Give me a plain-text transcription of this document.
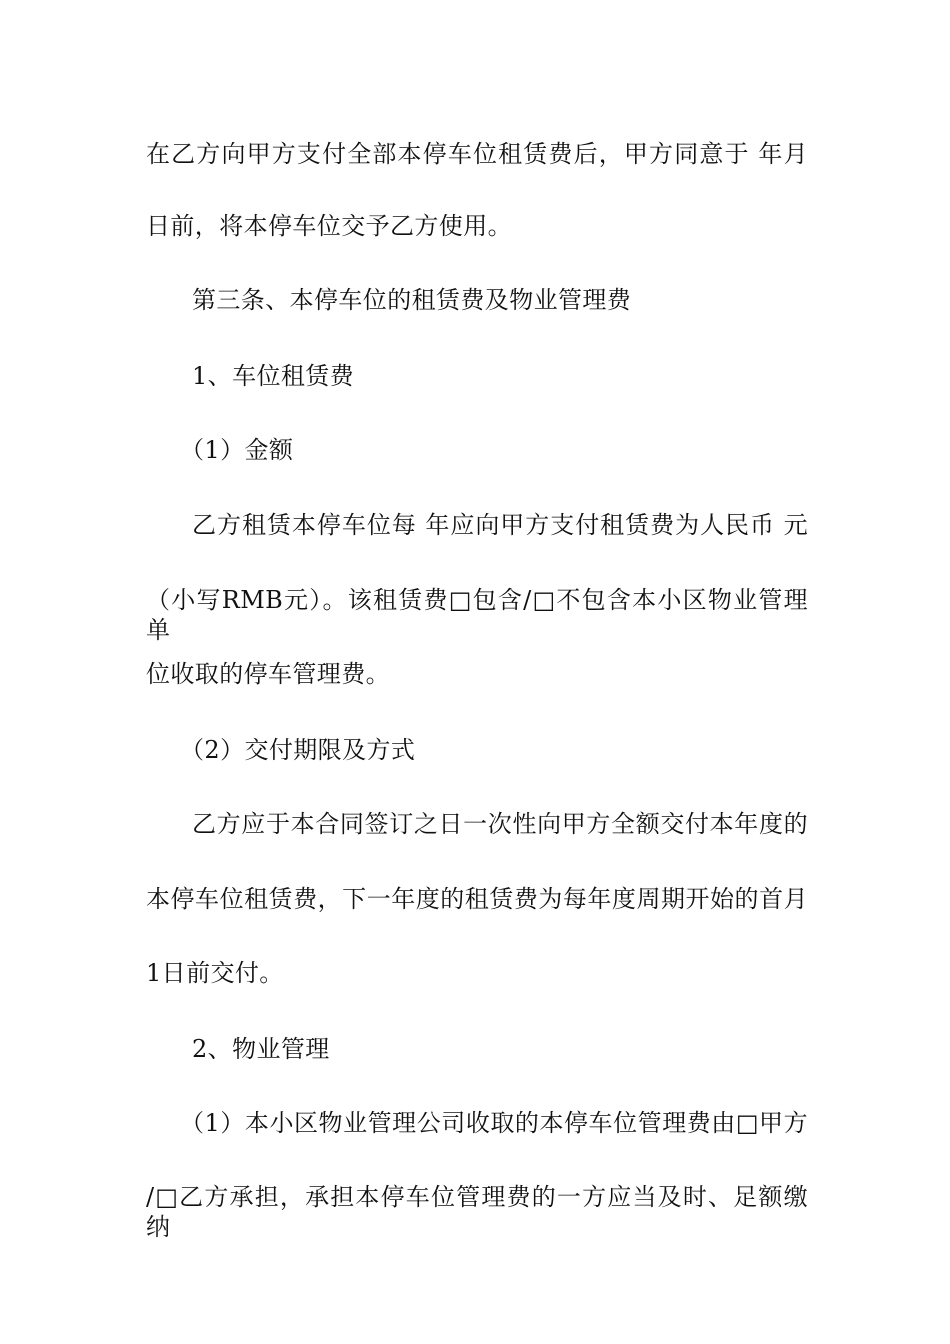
在乙方向甲方支付全部本停车位租赁费后，甲方同意于 年月
日前，将本停车位交予乙方使用。
第三条、本停车位的租赁费及物业管理费
1、车位租赁费
（1）金额
乙方租赁本停车位每 年应向甲方支付租赁费为人民币 元
（小写RMB元）。该租赁费□包含/□不包含本小区物业管理单
位收取的停车管理费。
（2）交付期限及方式
乙方应于本合同签订之日一次性向甲方全额交付本年度的
本停车位租赁费，下一年度的租赁费为每年度周期开始的首月
1日前交付。
2、物业管理
（1）本小区物业管理公司收取的本停车位管理费由□甲方
/□乙方承担，承担本停车位管理费的一方应当及时、足额缴纳
